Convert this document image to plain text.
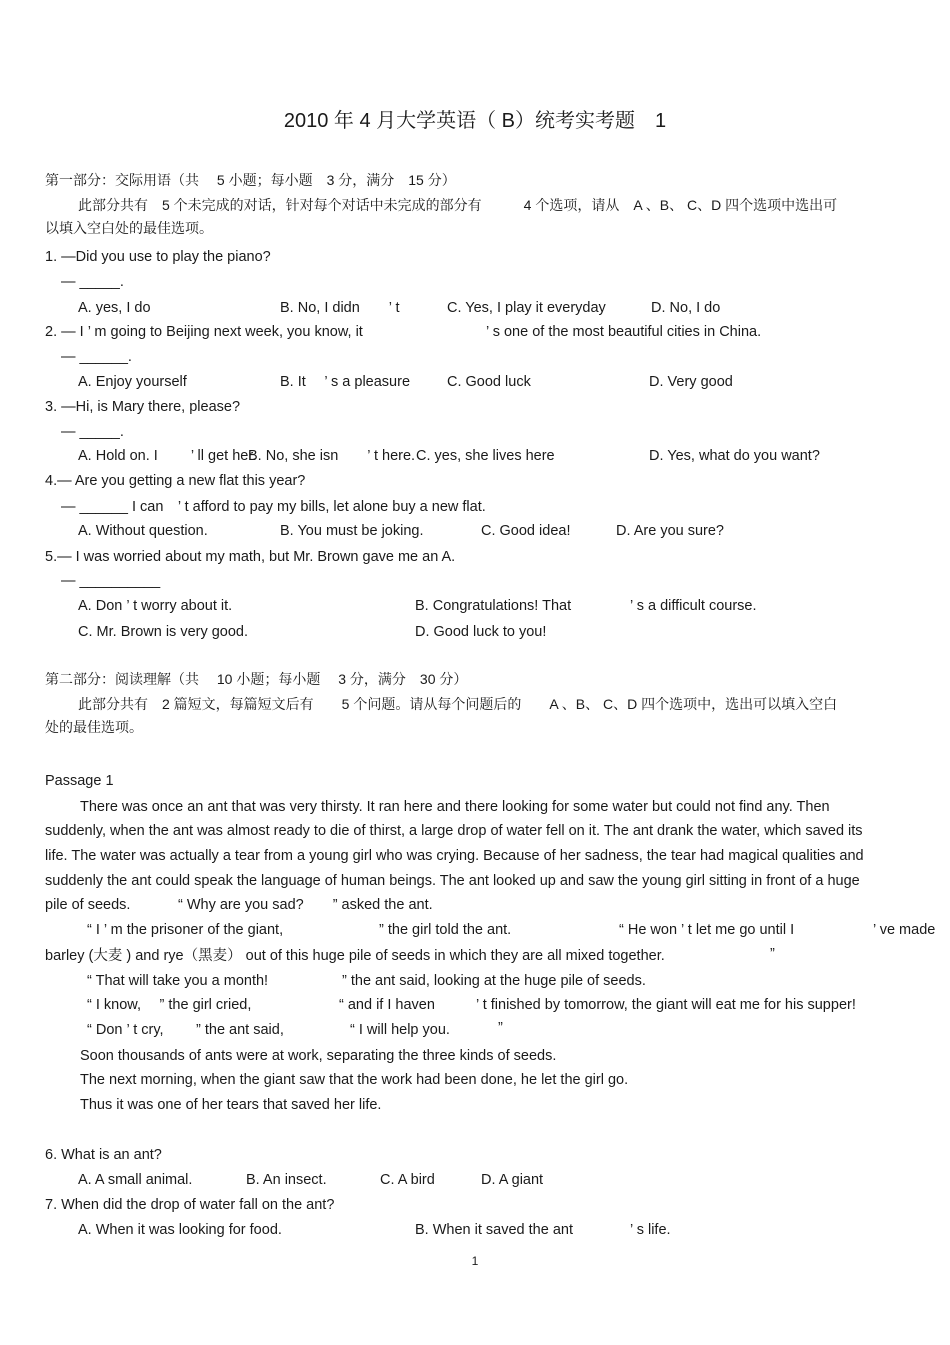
2010 年 4 月大学英语（ B）统考实考题　1
第一部分：交际用语（共　 5 小题；每小题　3 分，满分　15 分）
此部分共有　5 个未完成的对话，针对每个对话中未完成的部分有　　　4 个选项，请从　A 、B、 C、D 四个选项中选出可
以填入空白处的最佳选项。
1. —Did you use to play the piano?
— _____.
A. yes, I do	B. No, I didn　　’ t	C. Yes, I play it everyday	D. No, I do
2. — I ’ m going to Beijing next week, you know, it	’ s one of the most beautiful cities in China.
— ______.
A. Enjoy yourself	B. It　 ’ s a pleasure	C. Good luck	D. Very good
3. —Hi, is Mary there, please?
— _____.
A. Hold on. I　　 ’ ll get her.
B. No, she isn　　’ t here. C. yes, she lives here	D. Yes, what do you want?
4.— Are you getting a new flat this year?
— ______ I can　’ t afford to pay my bills, let alone buy a new flat.
A. Without question.	B. You must be joking.	C. Good idea!	D. Are you sure?
5.— I was worried about my math, but Mr. Brown gave me an A.
— __________
A. Don ’ t worry about it.	B. Congratulations! That	’ s a difficult course.
C. Mr. Brown is very good.	D. Good luck to you!
第二部分：阅读理解（共　 10 小题；每小题　 3 分，满分　30 分）
此部分共有　2 篇短文，每篇短文后有　　5 个问题。请从每个问题后的　　A 、B、 C、D 四个选项中，选出可以填入空白
处的最佳选项。
Passage 1
There was once an ant that was very thirsty. It ran here and there looking for some water but could not find any. Then
suddenly, when the ant was almost ready to die of thirst, a large drop of water fell on it. The ant drank the water, which saved its
life. The water was actually a tear from a young girl who was crying. Because of her sadness, the tear had magical qualities and
suddenly the ant could speak the language of human beings. The ant looked up and saw the young girl sitting in front of a huge
pile of seeds.　　　 “ Why are you sad?　　” asked the ant.
“ I ’ m the prisoner of the giant,	” the girl told the ant.	“ He won ’ t let me go until I	’ ve made
barley (大麦 ) and rye（黑麦） out of this huge pile of seeds in which they are all mixed together.	”
“ That will take you a month!	” the ant said, looking at the huge pile of seeds.
“ I know,　 ” the girl cried,	“ and if I haven	’ t finished by tomorrow, the giant will eat me for his supper!
“ Don ’ t cry, ” the ant said,	“ I will help you.	”
Soon thousands of ants were at work, separating the three kinds of seeds.
The next morning, when the giant saw that the work had been done, he let the girl go.
Thus it was one of her tears that saved her life.
6. What is an ant?
A. A small animal.	B. An insect.	C. A bird	D. A giant
7. When did the drop of water fall on the ant?
A. When it was looking for food.	B. When it saved the ant	’ s life.
1
